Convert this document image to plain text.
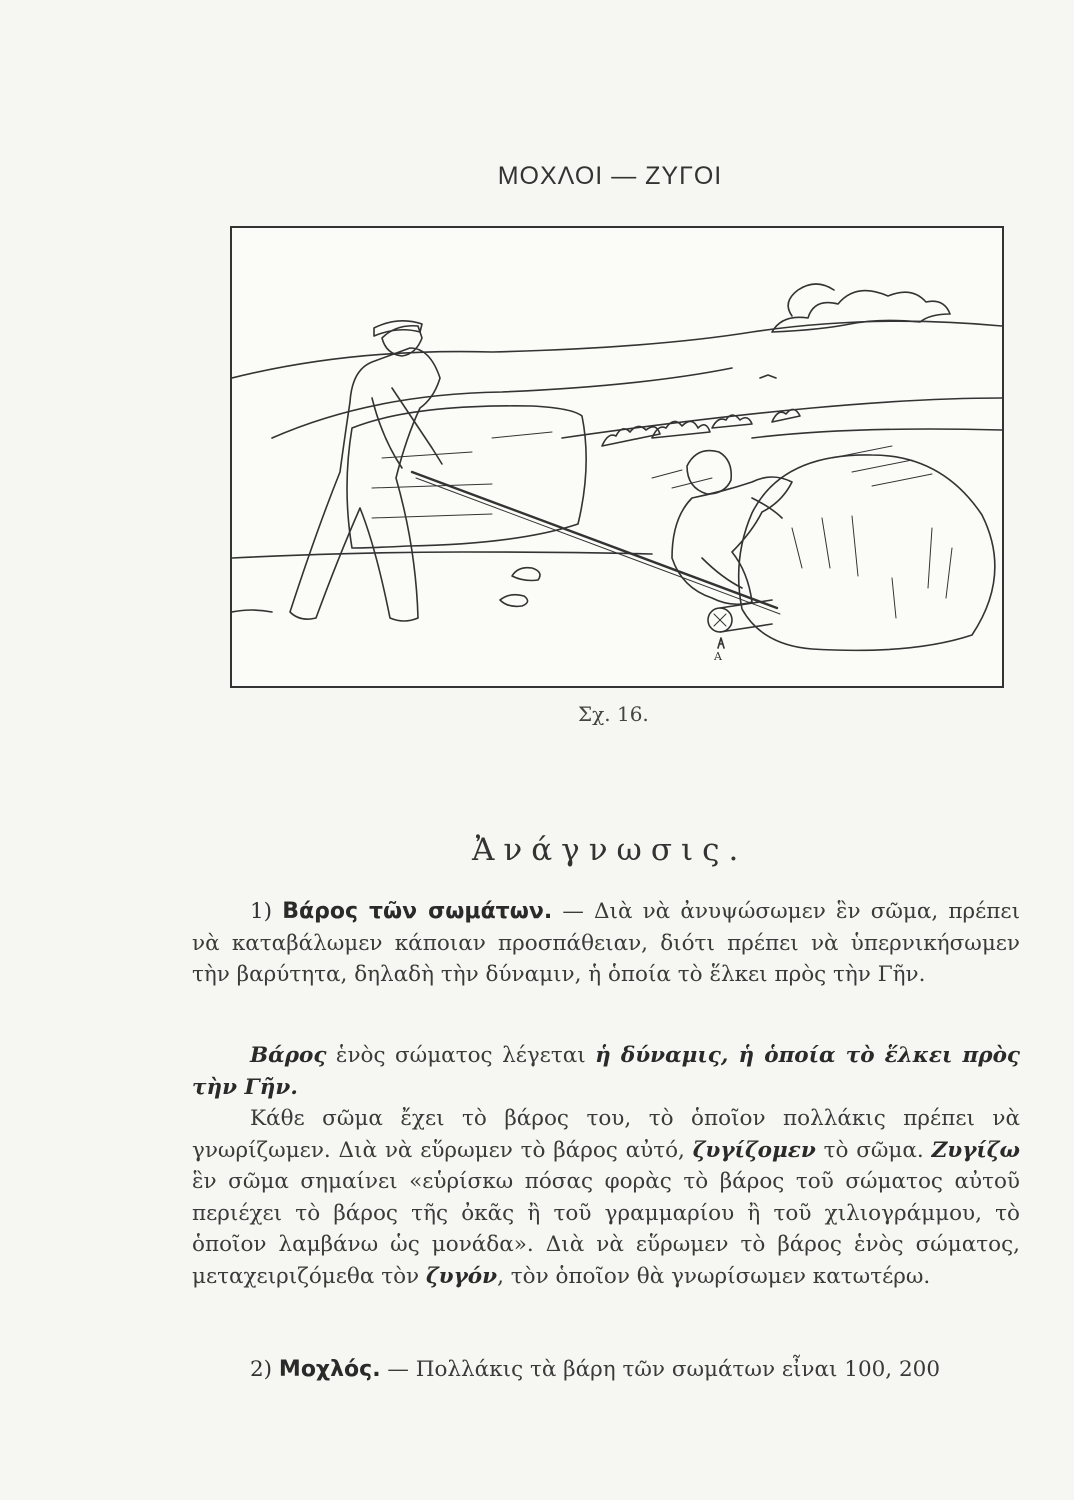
ΜΟΧΛΟΙ — ΖΥΓΟΙ
Α
Σχ. 16.
Ἀνάγνωσις.
1) Βάρος τῶν σωμάτων. — Διὰ νὰ ἀνυψώσωμεν ἓν σῶμα, πρέπει νὰ καταβάλωμεν κάποιαν προσπάθειαν, διότι πρέπει νὰ ὑπερνικήσωμεν τὴν βαρύτητα, δηλαδὴ τὴν δύναμιν, ἡ ὁποία τὸ ἕλκει πρὸς τὴν Γῆν.
Βάρος ἑνὸς σώματος λέγεται ἡ δύναμις, ἡ ὁποία τὸ ἕλκει πρὸς τὴν Γῆν.
Κάθε σῶμα ἔχει τὸ βάρος του, τὸ ὁποῖον πολλάκις πρέπει νὰ γνωρίζωμεν. Διὰ νὰ εὕρωμεν τὸ βάρος αὐτό, ζυγίζομεν τὸ σῶμα. Ζυγίζω ἓν σῶμα σημαίνει «εὑρίσκω πόσας φορὰς τὸ βάρος τοῦ σώματος αὐτοῦ περιέχει τὸ βάρος τῆς ὀκᾶς ἢ τοῦ γραμμαρίου ἢ τοῦ χιλιογράμμου, τὸ ὁποῖον λαμβάνω ὡς μονάδα». Διὰ νὰ εὕρωμεν τὸ βάρος ἑνὸς σώματος, μεταχειριζόμεθα τὸν ζυγόν, τὸν ὁποῖον θὰ γνωρίσωμεν κατωτέρω.
2) Μοχλός. — Πολλάκις τὰ βάρη τῶν σωμάτων εἶναι 100, 200
